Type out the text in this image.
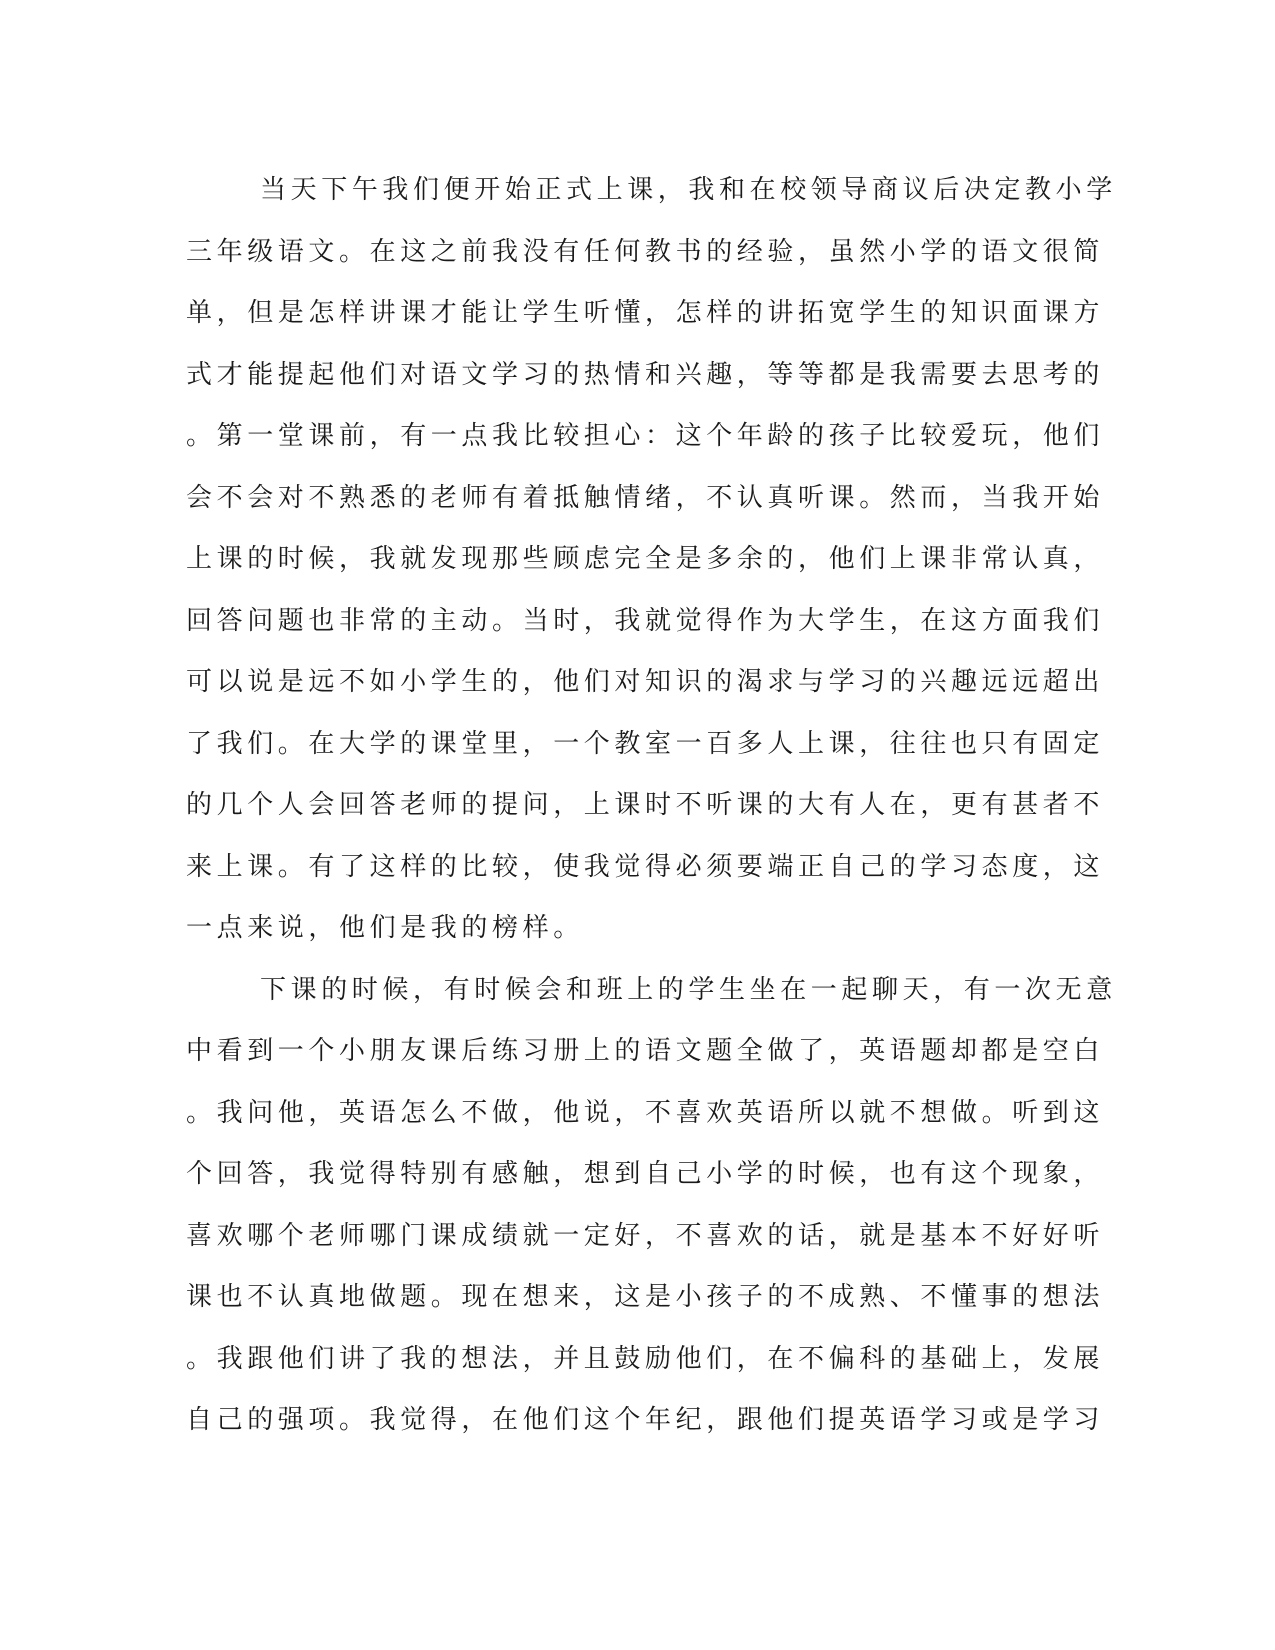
当天下午我们便开始正式上课，我和在校领导商议后决定教小学
三年级语文。在这之前我没有任何教书的经验，虽然小学的语文很简
单，但是怎样讲课才能让学生听懂，怎样的讲拓宽学生的知识面课方
式才能提起他们对语文学习的热情和兴趣，等等都是我需要去思考的
。第一堂课前，有一点我比较担心：这个年龄的孩子比较爱玩，他们
会不会对不熟悉的老师有着抵触情绪，不认真听课。然而，当我开始
上课的时候，我就发现那些顾虑完全是多余的，他们上课非常认真，
回答问题也非常的主动。当时，我就觉得作为大学生，在这方面我们
可以说是远不如小学生的，他们对知识的渴求与学习的兴趣远远超出
了我们。在大学的课堂里，一个教室一百多人上课，往往也只有固定
的几个人会回答老师的提问，上课时不听课的大有人在，更有甚者不
来上课。有了这样的比较，使我觉得必须要端正自己的学习态度，这
一点来说，他们是我的榜样。
下课的时候，有时候会和班上的学生坐在一起聊天，有一次无意
中看到一个小朋友课后练习册上的语文题全做了，英语题却都是空白
。我问他，英语怎么不做，他说，不喜欢英语所以就不想做。听到这
个回答，我觉得特别有感触，想到自己小学的时候，也有这个现象，
喜欢哪个老师哪门课成绩就一定好，不喜欢的话，就是基本不好好听
课也不认真地做题。现在想来，这是小孩子的不成熟、不懂事的想法
。我跟他们讲了我的想法，并且鼓励他们，在不偏科的基础上，发展
自己的强项。我觉得，在他们这个年纪，跟他们提英语学习或是学习
